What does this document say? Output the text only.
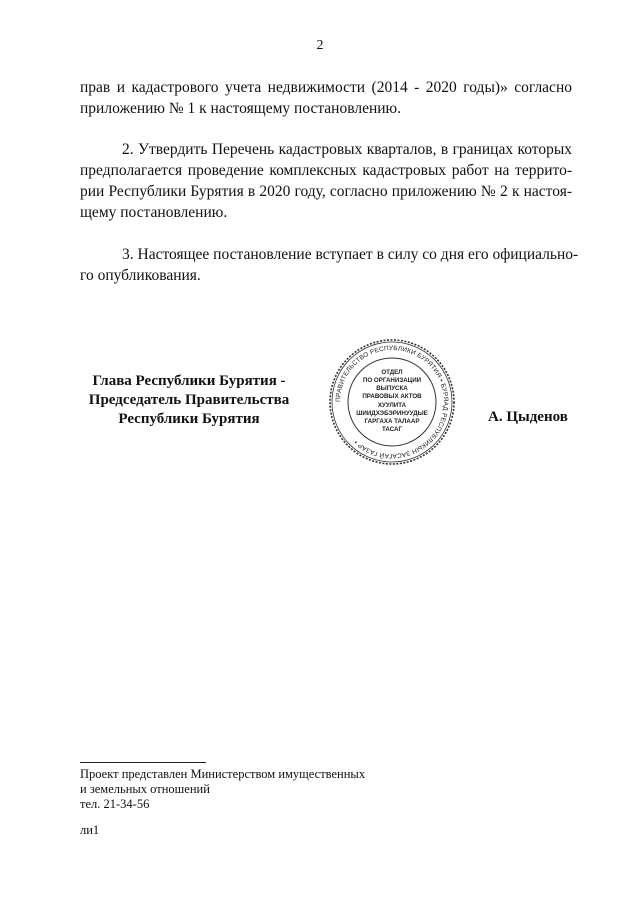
2
прав и кадастрового учета недвижимости (2014 - 2020 годы)» согласно
приложению № 1 к настоящему постановлению.
2. Утвердить Перечень кадастровых кварталов, в границах которых
предполагается проведение комплексных кадастровых работ на террито-
рии Республики Бурятия в 2020 году, согласно приложению № 2 к настоя-
щему постановлению.
3. Настоящее постановление вступает в силу со дня его официально-
го опубликования.
Глава Республики Бурятия -
Председатель Правительства
Республики Бурятия
ПРАВИТЕЛЬСТВО РЕСПУБЛИКИ БУРЯТИЯ • БУРЯАД РЕСПУБЛИКЫН ЗАСАГАЙ ГАЗАР •
ОТДЕЛ
ПО ОРГАНИЗАЦИИ
ВЫПУСКА
ПРАВОВЫХ АКТОВ
ХУУЛИТА
ШИИДХЭБЭРИНУУДЫЕ
ГАРГАХА ТАЛААР
ТАСАГ
А. Цыденов
Проект представлен Министерством имущественных
и земельных отношений
тел. 21-34-56
ли1
